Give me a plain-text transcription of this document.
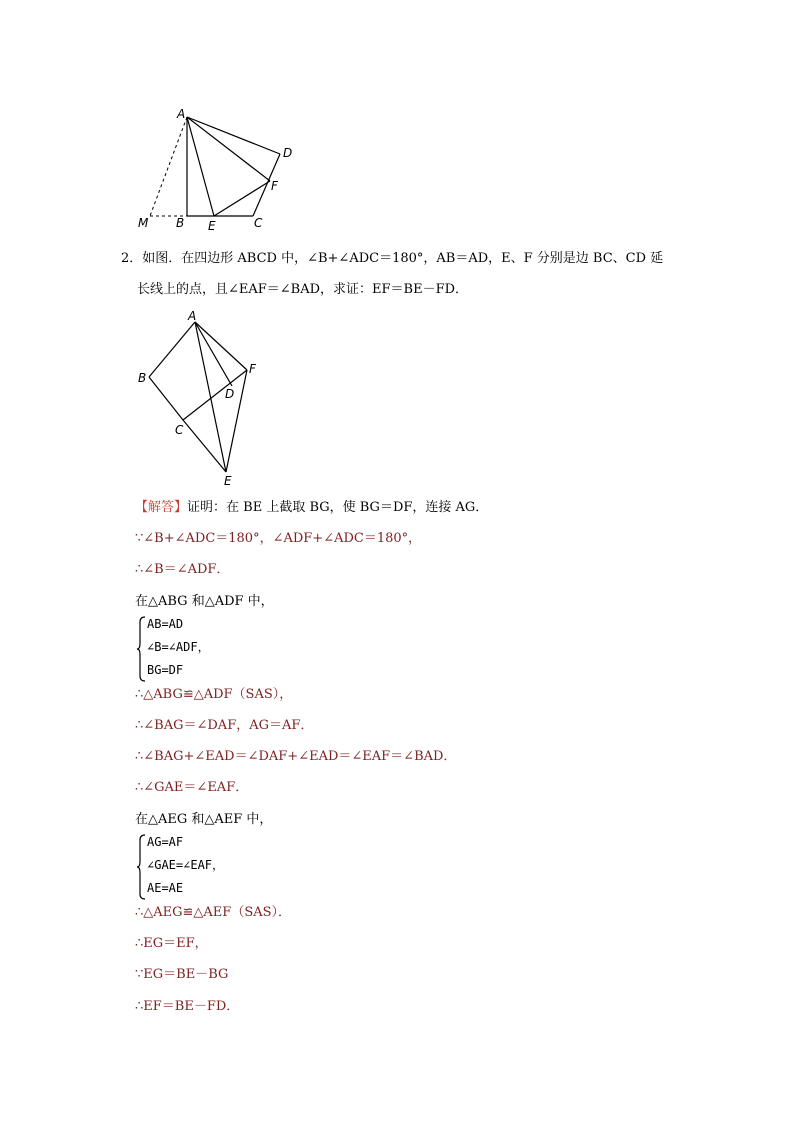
A
D
F
M B E	C
2．如图．在四边形 ABCD 中，∠B+∠ADC＝180°，AB＝AD，E、F 分别是边 BC、CD 延
长线上的点，且∠EAF＝∠BAD，求证：EF＝BE－FD．
A
B
D
F
C
E
【解答】证明：在 BE 上截取 BG，使 BG＝DF，连接 AG．
∵∠B+∠ADC＝180°，∠ADF+∠ADC＝180°，
∴∠B＝∠ADF．
在△ABG 和△ADF 中，
AB=AD
∠B=∠ADF，
BG=DF
∴△ABG≌△ADF（SAS），
∴∠BAG＝∠DAF，AG＝AF．
∴∠BAG+∠EAD＝∠DAF+∠EAD＝∠EAF＝∠BAD．
∴∠GAE＝∠EAF．
在△AEG 和△AEF 中，
AG=AF
∠GAE=∠EAF，
AE=AE
∴△AEG≌△AEF（SAS）．
∴EG＝EF，
∵EG＝BE－BG
∴EF＝BE－FD．
